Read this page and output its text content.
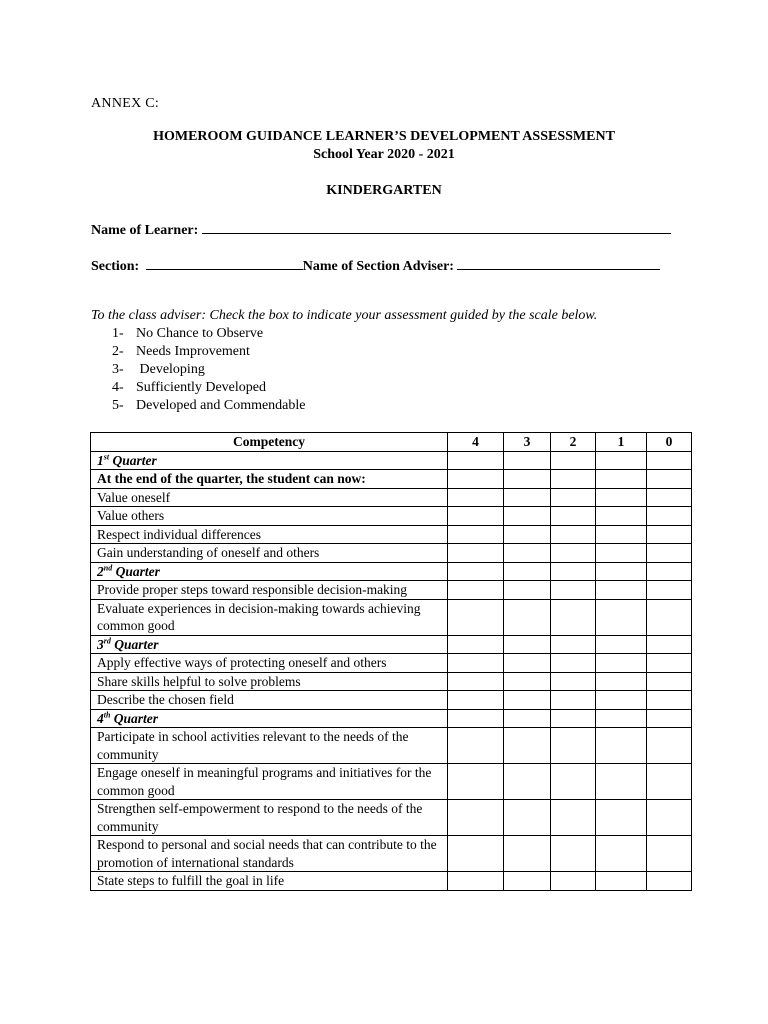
ANNEX C:
HOMEROOM GUIDANCE LEARNER’S DEVELOPMENT ASSESSMENT
School Year 2020 - 2021
KINDERGARTEN
Name of Learner:
Section:	Name of Section Adviser:
To the class adviser: Check the box to indicate your assessment guided by the scale below.
1- No Chance to Observe
2- Needs Improvement
3- Developing
4- Sufficiently Developed
5- Developed and Commendable
Competency	4	3	2	1	0
1st Quarter					
At the end of the quarter, the student can now:					
Value oneself					
Value others					
Respect individual differences					
Gain understanding of oneself and others					
2nd Quarter					
Provide proper steps toward responsible decision-making					
Evaluate experiences in decision-making towards achieving common good					
3rd Quarter					
Apply effective ways of protecting oneself and others					
Share skills helpful to solve problems					
Describe the chosen field					
4th Quarter					
Participate in school activities relevant to the needs of the community					
Engage oneself in meaningful programs and initiatives for the common good					
Strengthen self-empowerment to respond to the needs of the community					
Respond to personal and social needs that can contribute to the promotion of international standards					
State steps to fulfill the goal in life					
